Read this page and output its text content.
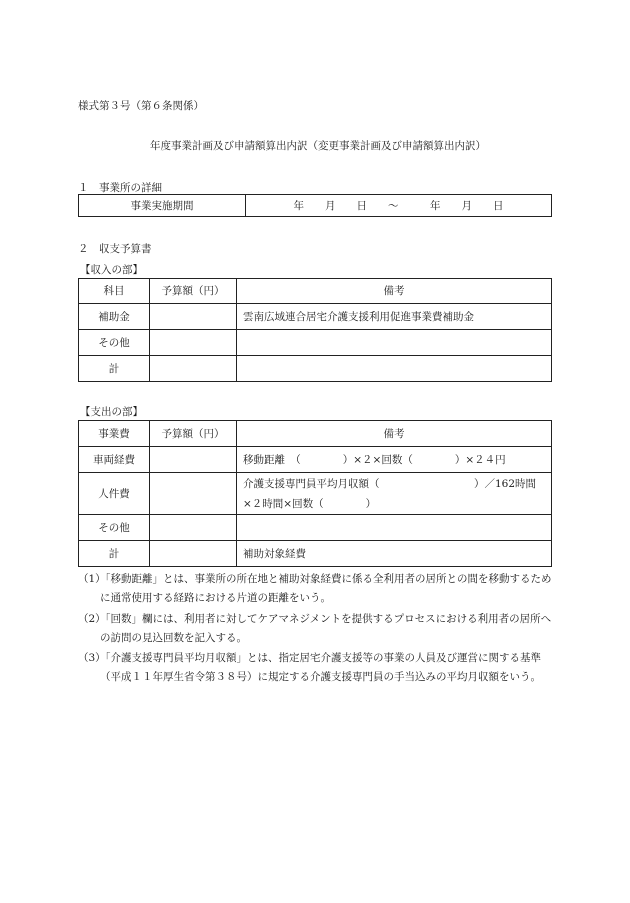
様式第３号（第６条関係）
年度事業計画及び申請額算出内訳（変更事業計画及び申請額算出内訳）
１　事業所の詳細
事業実施期間	年　　月　　日　　～　　　年　　月　　日
２　収支予算書
【収入の部】
科目	予算額（円）	備考
補助金		雲南広域連合居宅介護支援利用促進事業費補助金
その他		
計		
【支出の部】
事業費	予算額（円）	備考
車両経費		移動距離　（　　　　）×２×回数（　　　　）×２４円
人件費		介護支援専門員平均月収額（　　　　　　　　　）／162時間
×２時間×回数（　　　　）

その他		
計		補助対象経費
（1）
「移動距離」とは、事業所の所在地と補助対象経費に係る全利用者の居所との間を移動するために通常使用する経路における片道の距離をいう。
（2）
「回数」欄には、利用者に対してケアマネジメントを提供するプロセスにおける利用者の居所への訪問の見込回数を記入する。
（3）
「介護支援専門員平均月収額」とは、指定居宅介護支援等の事業の人員及び運営に関する基準（平成１１年厚生省令第３８号）に規定する介護支援専門員の手当込みの平均月収額をいう。
